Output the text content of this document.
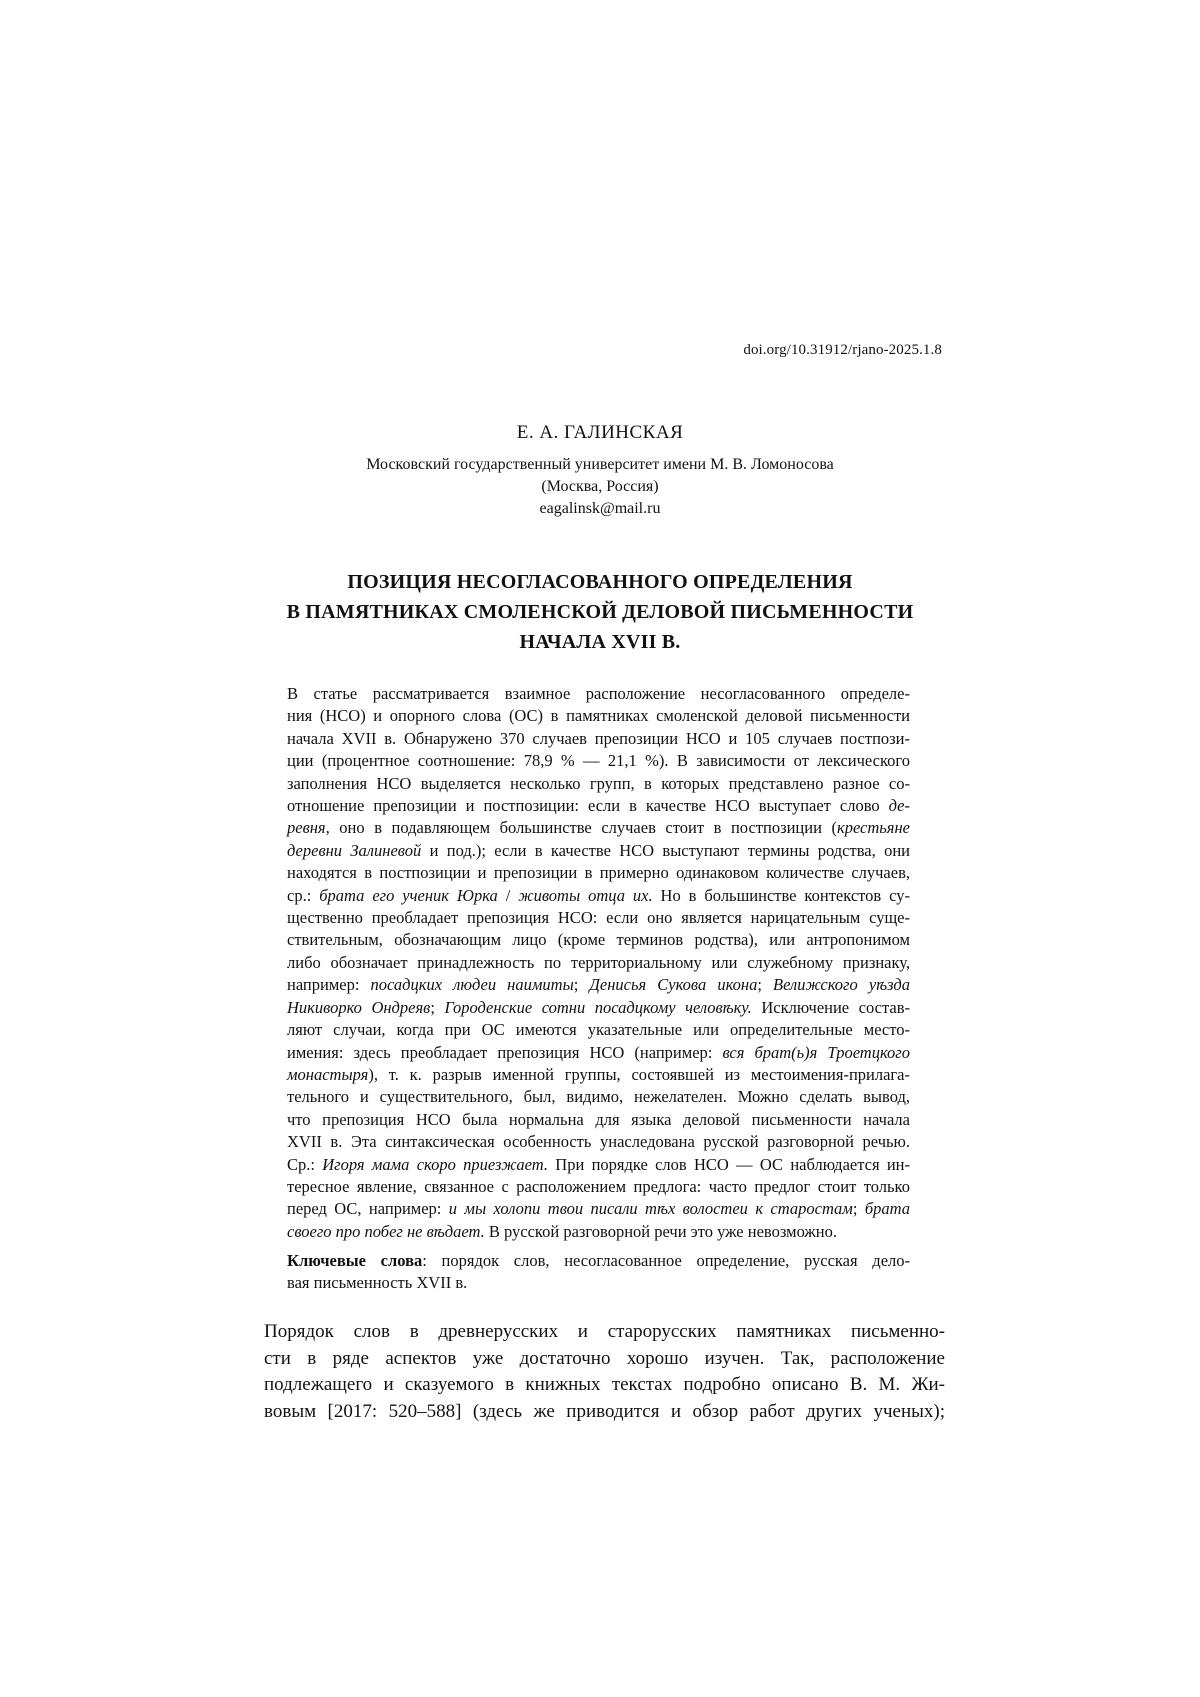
doi.org/10.31912/rjano-2025.1.8
Е. А. ГАЛИНСКАЯ
Московский государственный университет имени М. В. Ломоносова
(Москва, Россия)
eagalinsk@mail.ru
ПОЗИЦИЯ НЕСОГЛАСОВАННОГО ОПРЕДЕЛЕНИЯ
В ПАМЯТНИКАХ СМОЛЕНСКОЙ ДЕЛОВОЙ ПИСЬМЕННОСТИ
НАЧАЛА XVII В.
В статье рассматривается взаимное расположение несогласованного определе-
ния (НСО) и опорного слова (ОС) в памятниках смоленской деловой письменности
начала XVII в. Обнаружено 370 случаев препозиции НСО и 105 случаев постпози-
ции (процентное соотношение: 78,9 % — 21,1 %). В зависимости от лексического
заполнения НСО выделяется несколько групп, в которых представлено разное со-
отношение препозиции и постпозиции: если в качестве НСО выступает слово де-
ревня, оно в подавляющем большинстве случаев стоит в постпозиции (крестьяне
деревни Залиневой и под.); если в качестве НСО выступают термины родства, они
находятся в постпозиции и препозиции в примерно одинаковом количестве случаев,
ср.: брата его ученик Юрка / животы отца их. Но в большинстве контекстов су-
щественно преобладает препозиция НСО: если оно является нарицательным суще-
ствительным, обозначающим лицо (кроме терминов родства), или антропонимом
либо обозначает принадлежность по территориальному или служебному признаку,
например: посадцких людеи наимиты; Денисья Сукова икона; Велижского уѣзда
Никиворко Ондреяв; Городенские сотни посадцкому человѣку. Исключение состав-
ляют случаи, когда при ОС имеются указательные или определительные место-
имения: здесь преобладает препозиция НСО (например: вся брат(ь)я Троетцкого
монастыря), т. к. разрыв именной группы, состоявшей из местоимения-прилага-
тельного и существительного, был, видимо, нежелателен. Можно сделать вывод,
что препозиция НСО была нормальна для языка деловой письменности начала
XVII в. Эта синтаксическая особенность унаследована русской разговорной речью.
Ср.: Игоря мама скоро приезжает. При порядке слов НСО — ОС наблюдается ин-
тересное явление, связанное с расположением предлога: часто предлог стоит только
перед ОС, например: и мы холопи твои писали тѣх волостеи к старостам; брата
своего про побег не вѣдает. В русской разговорной речи это уже невозможно.
Ключевые слова: порядок слов, несогласованное определение, русская дело-
вая письменность XVII в.
Порядок слов в древнерусских и старорусских памятниках письменно-
сти в ряде аспектов уже достаточно хорошо изучен. Так, расположение
подлежащего и сказуемого в книжных текстах подробно описано В. М. Жи-
вовым [2017: 520–588] (здесь же приводится и обзор работ других ученых);
